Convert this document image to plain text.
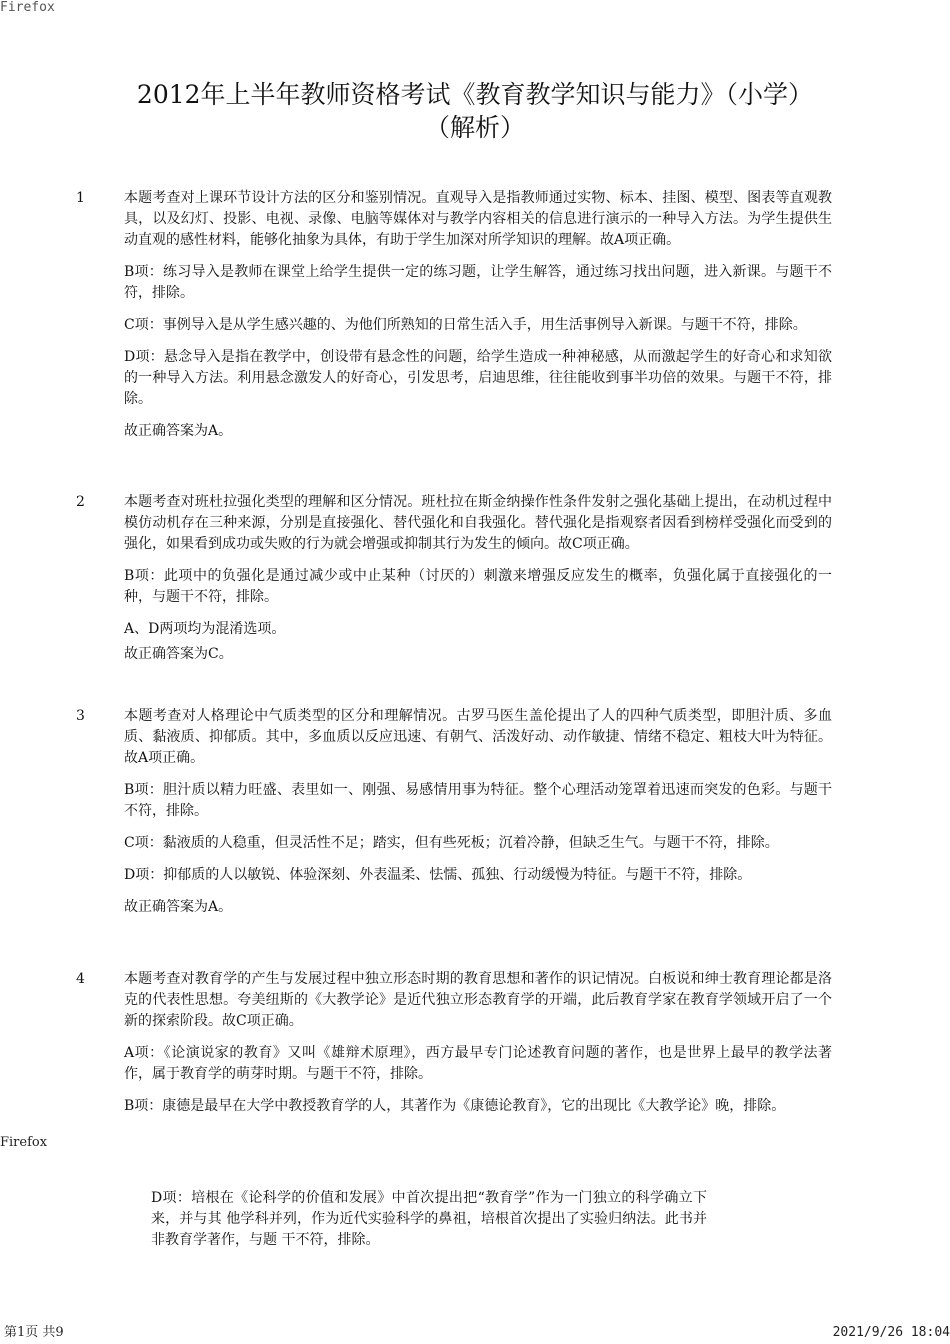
Firefox
2012年上半年教师资格考试《教育教学知识与能力》（小学）
（解析）
1	本题考查对上课环节设计方法的区分和鉴别情况。直观导入是指教师通过实物、标本、挂图、模型、图表等直观教具，以及幻灯、投影、电视、录像、电脑等媒体对与教学内容相关的信息进行演示的一种导入方法。为学生提供生动直观的感性材料，能够化抽象为具体，有助于学生加深对所学知识的理解。故A项正确。

B项：练习导入是教师在课堂上给学生提供一定的练习题，让学生解答，通过练习找出问题，进入新课。与题干不符，排除。

C项：事例导入是从学生感兴趣的、为他们所熟知的日常生活入手，用生活事例导入新课。与题干不符，排除。

D项：悬念导入是指在教学中，创设带有悬念性的问题，给学生造成一种神秘感，从而激起学生的好奇心和求知欲的一种导入方法。利用悬念激发人的好奇心，引发思考，启迪思维，往往能收到事半功倍的效果。与题干不符，排除。

故正确答案为A。

2	本题考查对班杜拉强化类型的理解和区分情况。班杜拉在斯金纳操作性条件发射之强化基础上提出，在动机过程中模仿动机存在三种来源，分别是直接强化、替代强化和自我强化。替代强化是指观察者因看到榜样受强化而受到的强化，如果看到成功或失败的行为就会增强或抑制其行为发生的倾向。故C项正确。

B项：此项中的负强化是通过减少或中止某种（讨厌的）刺激来增强反应发生的概率，负强化属于直接强化的一种，与题干不符，排除。

A、D两项均为混淆选项。

故正确答案为C。

3	本题考查对人格理论中气质类型的区分和理解情况。古罗马医生盖伦提出了人的四种气质类型，即胆汁质、多血质、黏液质、抑郁质。其中，多血质以反应迅速、有朝气、活泼好动、动作敏捷、情绪不稳定、粗枝大叶为特征。故A项正确。

B项：胆汁质以精力旺盛、表里如一、刚强、易感情用事为特征。整个心理活动笼罩着迅速而突发的色彩。与题干不符，排除。

C项：黏液质的人稳重，但灵活性不足；踏实，但有些死板；沉着冷静，但缺乏生气。与题干不符，排除。

D项：抑郁质的人以敏锐、体验深刻、外表温柔、怯懦、孤独、行动缓慢为特征。与题干不符，排除。

故正确答案为A。

4	本题考查对教育学的产生与发展过程中独立形态时期的教育思想和著作的识记情况。白板说和绅士教育理论都是洛克的代表性思想。夸美纽斯的《大教学论》是近代独立形态教育学的开端，此后教育学家在教育学领域开启了一个新的探索阶段。故C项正确。

A项：《论演说家的教育》又叫《雄辩术原理》，西方最早专门论述教育问题的著作，也是世界上最早的教学法著作，属于教育学的萌芽时期。与题干不符，排除。

B项：康德是最早在大学中教授教育学的人，其著作为《康德论教育》，它的出现比《大教学论》晚，排除。

Firefox

D项：培根在《论科学的价值和发展》中首次提出把“教育学”作为一门独立的科学确立下来，并与其 他学科并列，作为近代实验科学的鼻祖，培根首次提出了实验归纳法。此书并非教育学著作，与题 干不符，排除。

第1页 共9	2021/9/26 18:04
